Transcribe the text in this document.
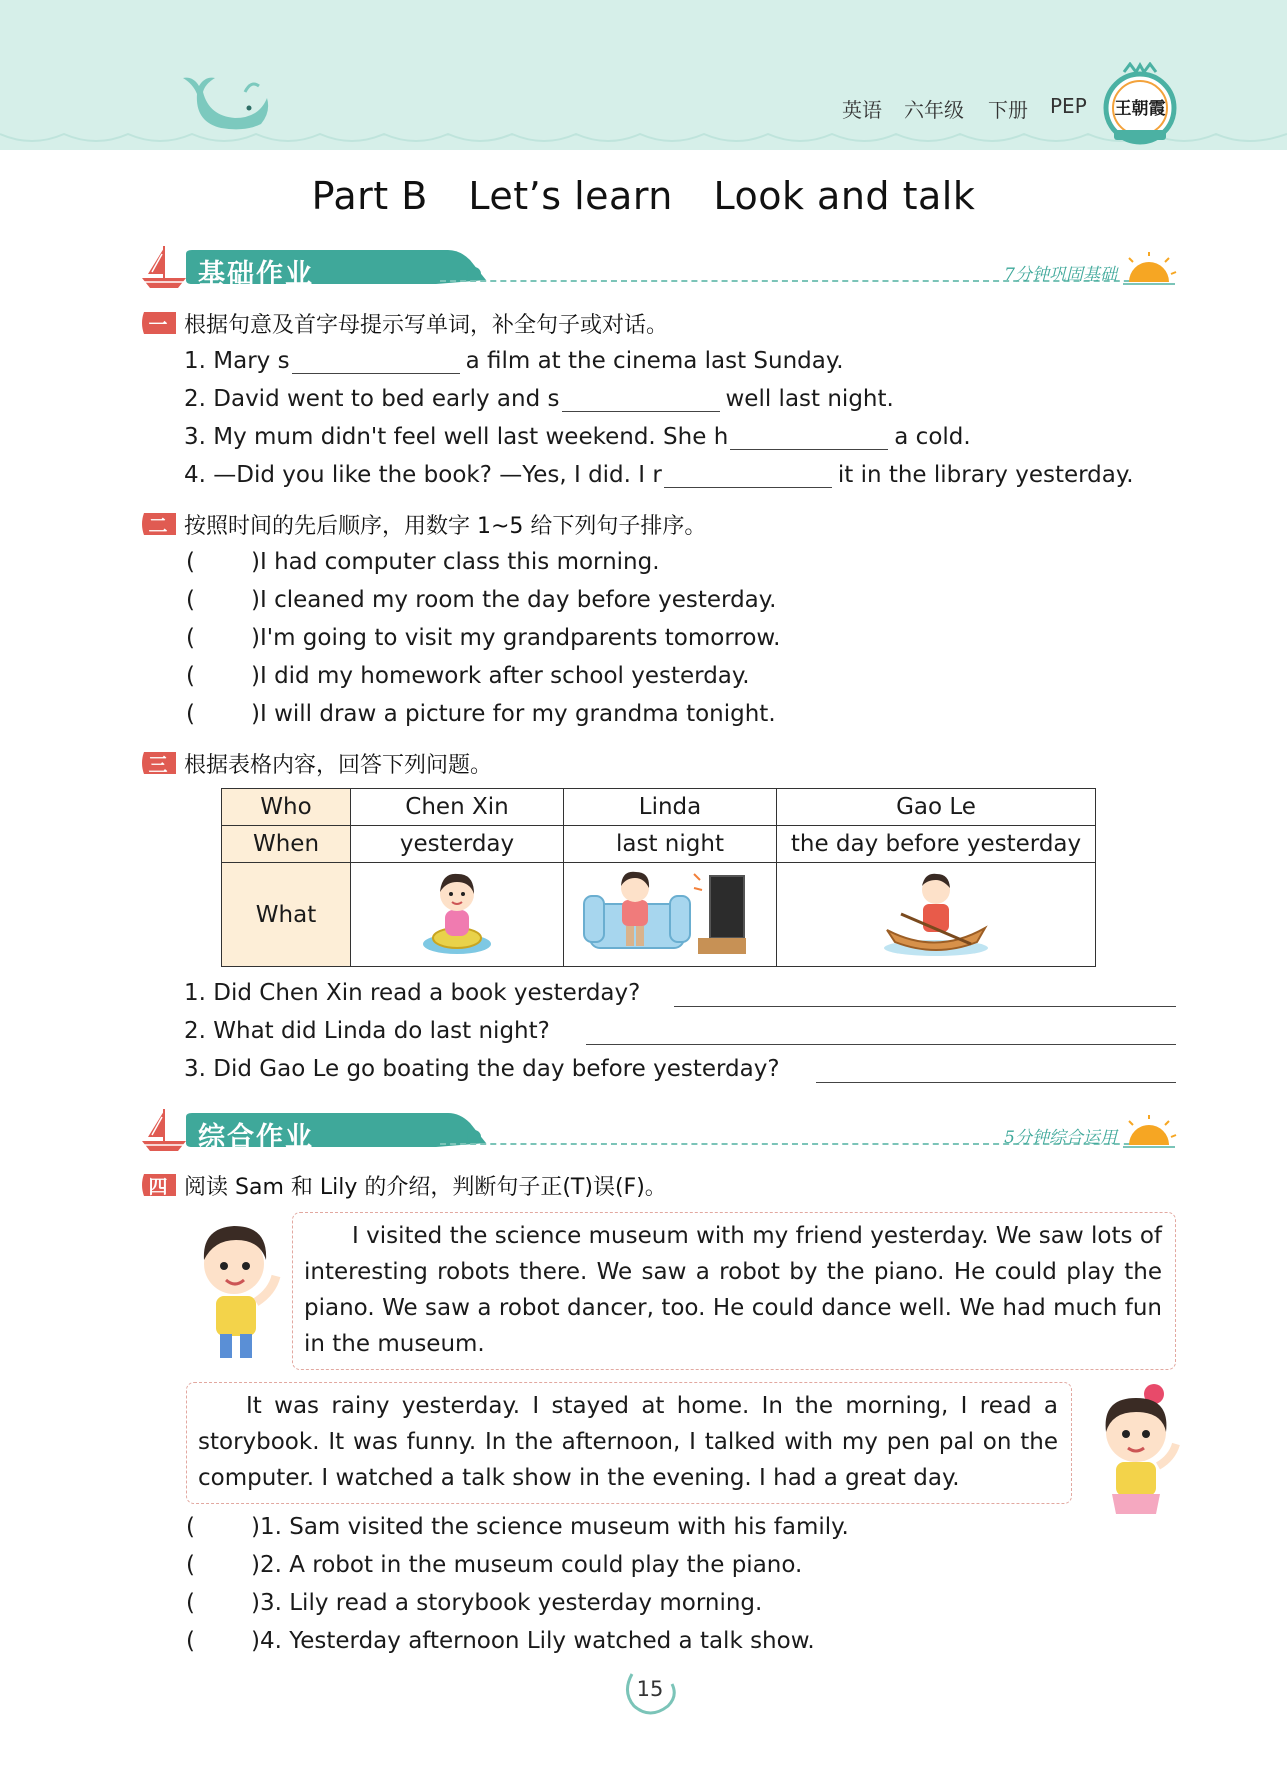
英语 六年级 下册 PEP	王朝霞
Part B Let’s learn Look and talk
基础作业	7分钟巩固基础
一 根据句意及首字母提示写单词，补全句子或对话。
1. Mary s	a film at the cinema last Sunday.
2. David went to bed early and s	well last night.
3. My mum didn't feel well last weekend. She h	a cold.
4. —Did you like the book? —Yes, I did. I r	it in the library yesterday.
二 按照时间的先后顺序，用数字 1~5 给下列句子排序。
( )I had computer class this morning.
( )I cleaned my room the day before yesterday.
( )I'm going to visit my grandparents tomorrow.
( )I did my homework after school yesterday.
( )I will draw a picture for my grandma tonight.
三 根据表格内容，回答下列问题。
Who	Chen Xin	Linda	Gao Le
When	yesterday	last night	the day before yesterday
What			
1. Did Chen Xin read a book yesterday?
2. What did Linda do last night?
3. Did Gao Le go boating the day before yesterday?
综合作业	5分钟综合运用
四 阅读 Sam 和 Lily 的介绍，判断句子正(T)误(F)。
I visited the science museum with my friend yesterday. We saw lots of interesting robots there. We saw a robot by the piano. He could play the piano. We saw a robot dancer, too. He could dance well. We had much fun in the museum.
It was rainy yesterday. I stayed at home. In the morning, I read a storybook. It was funny. In the afternoon, I talked with my pen pal on the computer. I watched a talk show in the evening. I had a great day.
( )1. Sam visited the science museum with his family.
( )2. A robot in the museum could play the piano.
( )3. Lily read a storybook yesterday morning.
( )4. Yesterday afternoon Lily watched a talk show.
15
